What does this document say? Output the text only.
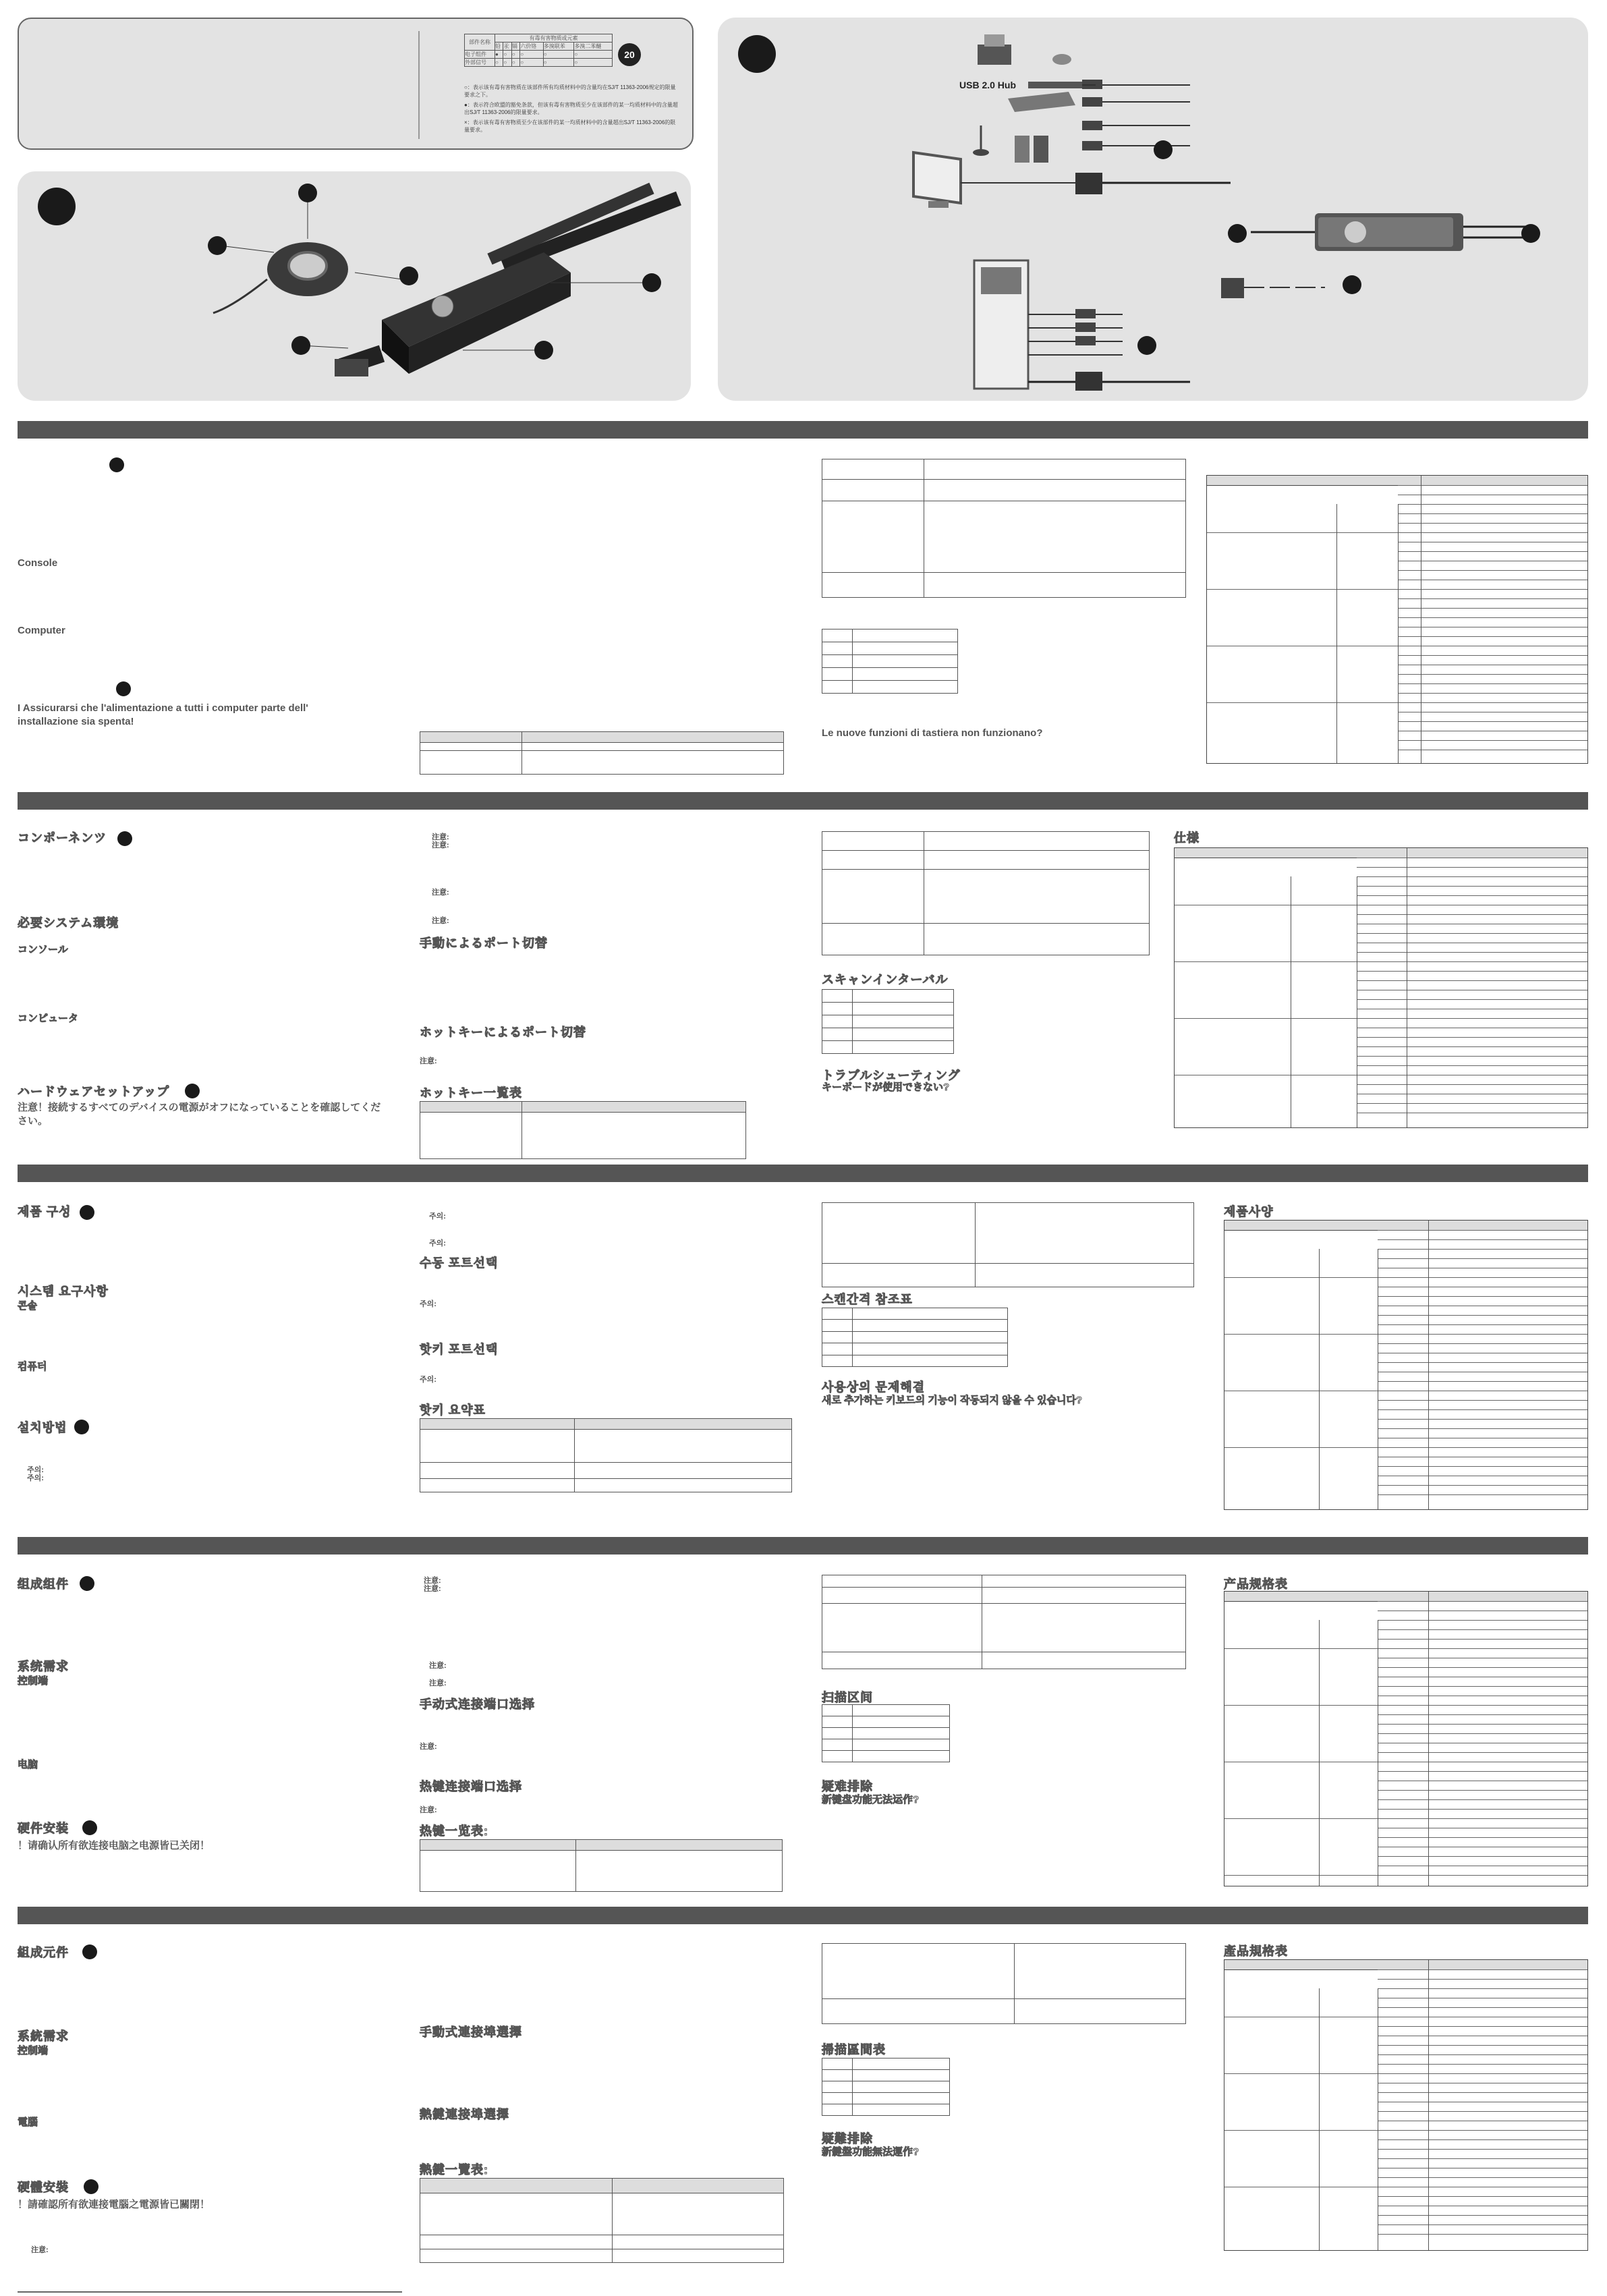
部件名称	有毒有害物质或元素					
	铅	汞	镉	六价铬	多溴联苯	多溴二苯醚
电子组件	●	○	○	○	○	○
外部信号	○	○	○	○	○	○
20
○：表示该有毒有害物质在该部件所有均质材料中的含量均在SJ/T 11363-2006规定的限量要求之下。
●：表示符合欧盟的豁免条款，但该有毒有害物质至少在该部件的某一均质材料中的含量超出SJ/T 11363-2006的限量要求。
×：表示该有毒有害物质至少在该部件的某一均质材料中的含量超出SJ/T 11363-2006的限量要求。
USB 2.0 Hub
Console
Computer
I Assicurarsi che l'alimentazione a tutti i computer parte dell' installazione sia spenta!
Le nuove funzioni di tastiera non funzionano?

コンポーネンツ
必要システム環境
コンソール
コンピュータ
ハードウェアセットアップ
注意！接続するすべてのデバイスの電源がオフになっていることを確認してください。
注意:
注意:
注意:
注意:
手動によるポート切替
ホットキーによるポート切替
注意:
ホットキー一覧表

スキャンインターバル

トラブルシューティング
キーボードが使用できない?
仕様
제품 구성
시스템 요구사항
콘솔
컴퓨터
설치방법
주의:
주의:
주의:
주의:
수동 포트선택
주의:
핫키 포트선택
주의:
핫키 요약표

스캔간격 참조표

사용상의 문제해결
새로 추가하는 키보드의 기능이 작동되지 않을 수 있습니다?
제품사양
组成组件
系统需求
控制端
电脑
硬件安装
！请确认所有欲连接电脑之电源皆已关闭！
注意:
注意:
注意:
注意:
手动式连接端口选择
注意:
热键连接端口选择
注意:
热键一览表:

扫描区间

疑难排除
新键盘功能无法运作?
产品规格表
組成元件
系統需求
控制端
電腦
硬體安裝
！請確認所有欲連接電腦之電源皆已關閉！
注意:
手動式連接埠選擇
熱鍵連接埠選擇
熱鍵一覽表:

掃描區間表

疑難排除
新鍵盤功能無法運作?
產品規格表
